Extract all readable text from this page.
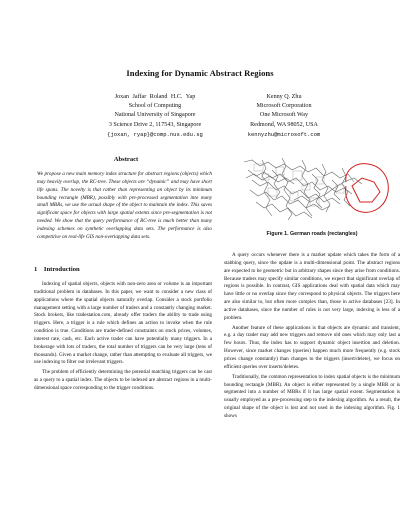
Indexing for Dynamic Abstract Regions
Joxan Jaffar Roland H.C. Yap
School of Computing
National University of Singapore
3 Science Drive 2, 117543, Singapore
{joxan, ryap}@comp.nus.edu.sg
Kenny Q. Zhu
Microsoft Corporation
One Microsoft Way
Redmond, WA 98052, USA
kennyzhu@microsoft.com
Abstract
We propose a new main memory index structure for abstract regions (objects) which may heavily overlap, the RC-tree. These objects are “dynamic” and may have short life spans. The novelty is that rather than representing an object by its minimum bounding rectangle (MBR), possibly with pre-processed segmentation into many small MBRs, we use the actual shape of the object to maintain the index. This saves significant space for objects with large spatial extents since pre-segmentation is not needed. We show that the query performance of RC-tree is much better than many indexing schemes on synthetic overlapping data sets. The performance is also competitive on real-life GIS non-overlapping data sets.
1    Introduction

Indexing of spatial objects, objects with non-zero area or volume is an important traditional problem in databases. In this paper, we want to consider a new class of applications where the spatial objects naturally overlap. Consider a stock portfolio management setting with a large number of traders and a constantly changing market. Stock brokers, like tradestation.com, already offer traders the ability to trade using triggers. Here, a trigger is a rule which defines an action to invoke when the rule condition is true. Conditions are trader-defined constraints on stock prices, volumes, interest rate, cash, etc. Each active trader can have potentially many triggers. In a brokerage with lots of traders, the total number of triggers can be very large (tens of thousands). Given a market change, rather than attempting to evaluate all triggers, we use indexing to filter out irrelevant triggers.

The problem of efficiently determining the potential matching triggers can be cast as a query to a spatial index. The objects to be indexed are abstract regions in a multi-dimensional space corresponding to the trigger conditions.

Figure 1. German roads (rectangles)

A query occurs whenever there is a market update which takes the form of a stabbing query, since the update is a multi-dimensional point. The abstract regions are expected to be geometric but in arbitrary shapes since they arise from conditions. Because traders may specify similar conditions, we expect that significant overlap of regions is possible. In contrast, GIS applications deal with spatial data which may have little or no overlap since they correspond to physical objects. The triggers here are also similar to, but often more complex than, those in active databases [23]. In active databases, since the number of rules is not very large, indexing is less of a problem.

Another feature of these applications is that objects are dynamic and transient, e.g. a day trader may add new triggers and remove old ones which may only last a few hours. Thus, the index has to support dynamic object insertion and deletion. However, since market changes (queries) happen much more frequently (e.g. stock prices change constantly) than changes to the triggers (insert/delete), we focus on efficient queries over inserts/deletes.

Traditionally, the common representation to index spatial objects is the minimum bounding rectangle (MBR). An object is either represented by a single MBR or is segmented into a number of MBRs if it has large spatial extent. Segmentation is usually employed as a pre-processing step to the indexing algorithm. As a result, the original shape of the object is lost and not used in the indexing algorithm. Fig. 1 shows
